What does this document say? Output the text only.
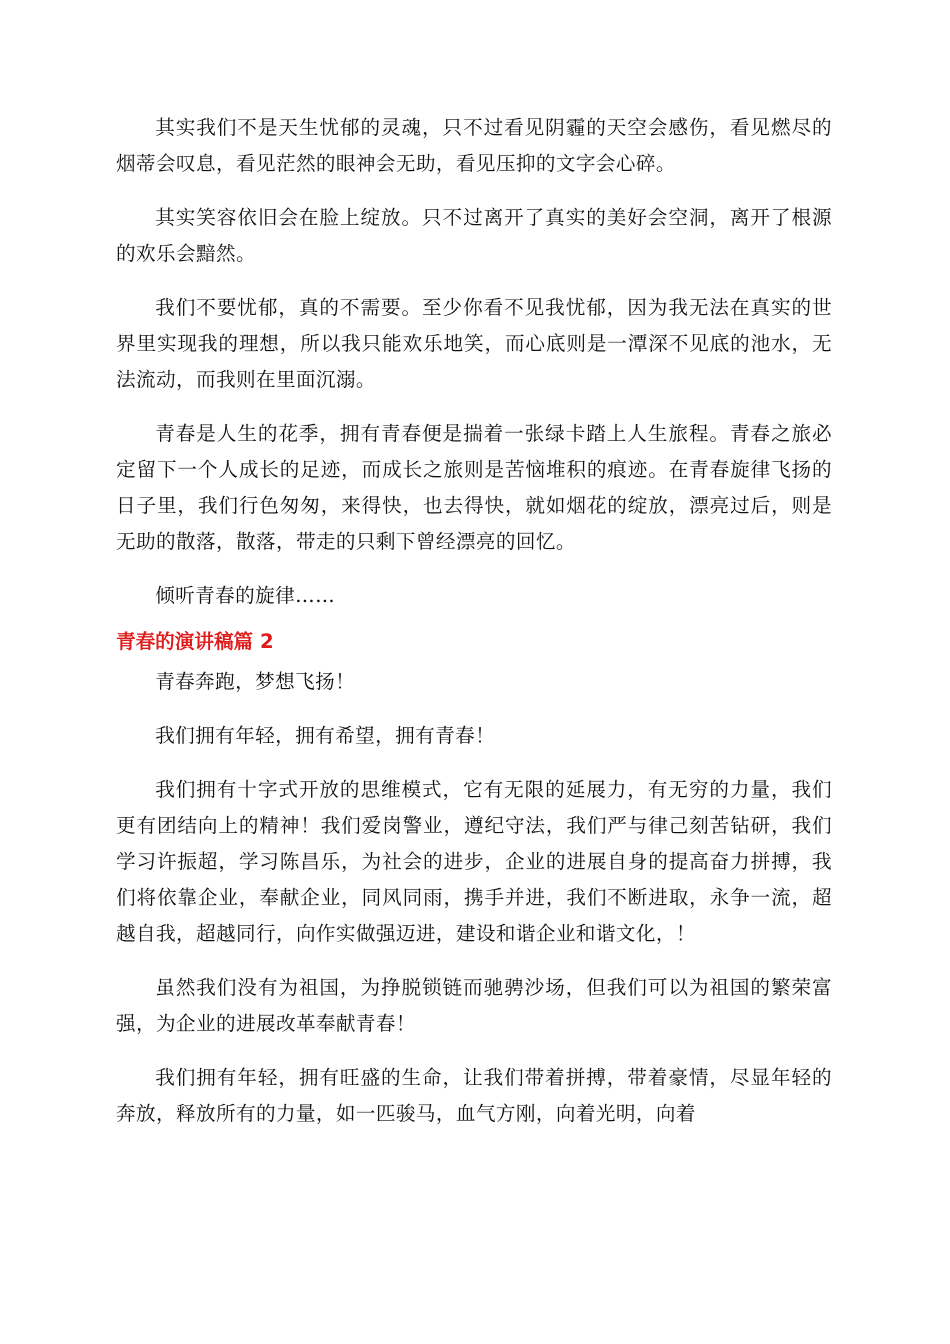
其实我们不是天生忧郁的灵魂，只不过看见阴霾的天空会感伤，看见燃尽的烟蒂会叹息，看见茫然的眼神会无助，看见压抑的文字会心碎。

其实笑容依旧会在脸上绽放。只不过离开了真实的美好会空洞，离开了根源的欢乐会黯然。

我们不要忧郁，真的不需要。至少你看不见我忧郁，因为我无法在真实的世界里实现我的理想，所以我只能欢乐地笑，而心底则是一潭深不见底的池水，无法流动，而我则在里面沉溺。

青春是人生的花季，拥有青春便是揣着一张绿卡踏上人生旅程。青春之旅必定留下一个人成长的足迹，而成长之旅则是苦恼堆积的痕迹。在青春旋律飞扬的日子里，我们行色匆匆，来得快，也去得快，就如烟花的绽放，漂亮过后，则是无助的散落，散落，带走的只剩下曾经漂亮的回忆。

倾听青春的旋律……

青春的演讲稿篇 2

青春奔跑，梦想飞扬！

我们拥有年轻，拥有希望，拥有青春！

我们拥有十字式开放的思维模式，它有无限的延展力，有无穷的力量，我们更有团结向上的精神！我们爱岗警业，遵纪守法，我们严与律己刻苦钻研，我们学习许振超，学习陈昌乐，为社会的进步，企业的进展自身的提高奋力拼搏，我们将依靠企业，奉献企业，同风同雨，携手并进，我们不断进取，永争一流，超越自我，超越同行，向作实做强迈进，建设和谐企业和谐文化，！

虽然我们没有为祖国，为挣脱锁链而驰骋沙场，但我们可以为祖国的繁荣富强，为企业的进展改革奉献青春！

我们拥有年轻，拥有旺盛的生命，让我们带着拼搏，带着豪情，尽显年轻的奔放，释放所有的力量，如一匹骏马，血气方刚，向着光明，向着
